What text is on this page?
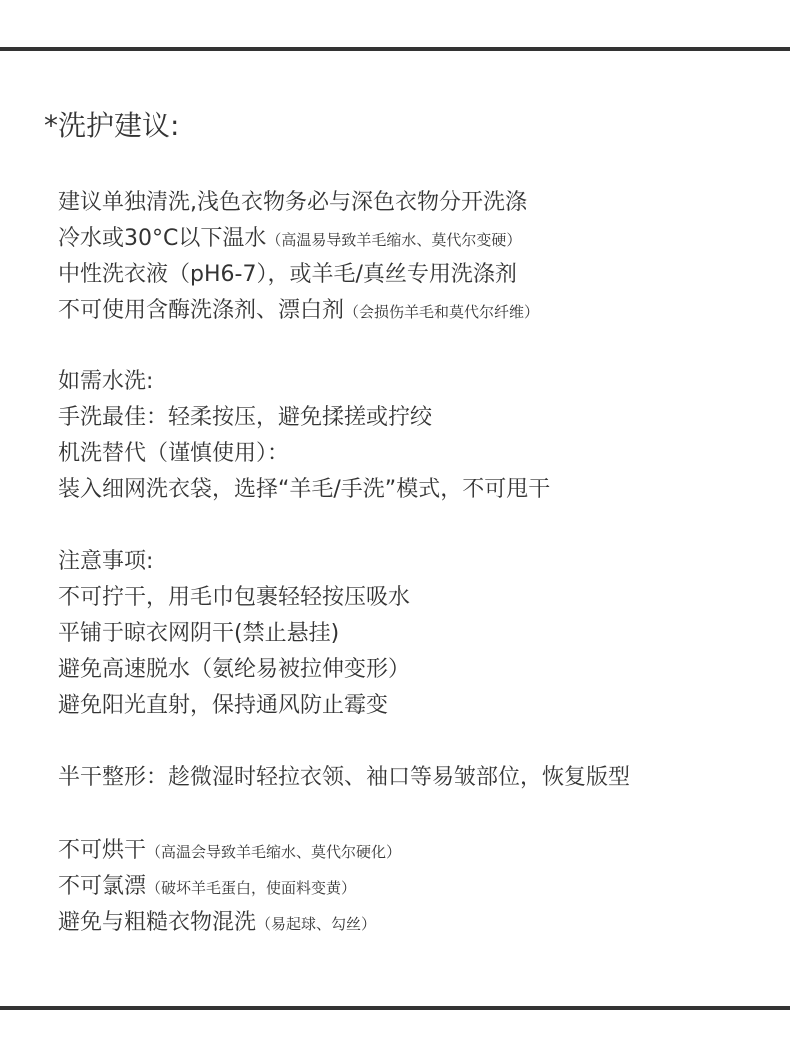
*洗护建议:
建议单独清洗,浅色衣物务必与深色衣物分开洗涤
冷水或30°C以下温水（高温易导致羊毛缩水、莫代尔变硬）
中性洗衣液（pH6-7），或羊毛/真丝专用洗涤剂
不可使用含酶洗涤剂、漂白剂（会损伤羊毛和莫代尔纤维）
如需水洗:
手洗最佳：轻柔按压，避免揉搓或拧绞
机洗替代（谨慎使用）：
装入细网洗衣袋，选择“羊毛/手洗”模式，不可甩干
注意事项:
不可拧干，用毛巾包裹轻轻按压吸水
平铺于晾衣网阴干(禁止悬挂)
避免高速脱水（氨纶易被拉伸变形）
避免阳光直射，保持通风防止霉变
半干整形：趁微湿时轻拉衣领、袖口等易皱部位，恢复版型
不可烘干（高温会导致羊毛缩水、莫代尔硬化）
不可氯漂（破坏羊毛蛋白，使面料变黄）
避免与粗糙衣物混洗（易起球、勾丝）
